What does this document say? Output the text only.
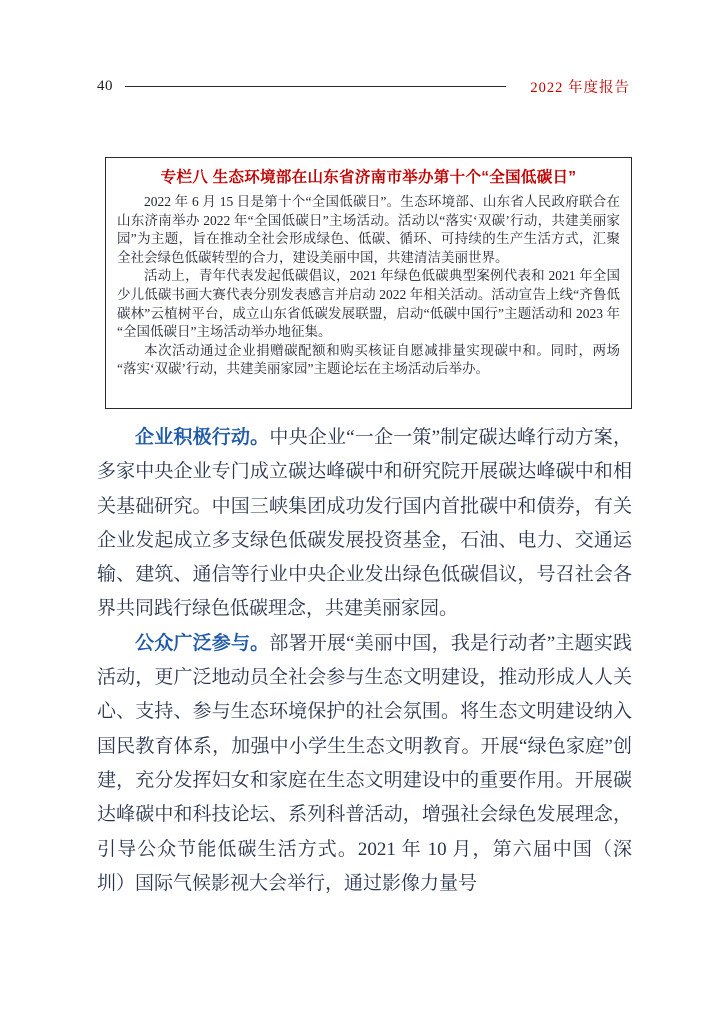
40	2022 年度报告
专栏八 生态环境部在山东省济南市举办第十个“全国低碳日”

2022 年 6 月 15 日是第十个“全国低碳日”。生态环境部、山东省人民政府联合在山东济南举办 2022 年“全国低碳日”主场活动。活动以“落实‘双碳’行动，共建美丽家园”为主题，旨在推动全社会形成绿色、低碳、循环、可持续的生产生活方式，汇聚全社会绿色低碳转型的合力，建设美丽中国，共建清洁美丽世界。

活动上，青年代表发起低碳倡议，2021 年绿色低碳典型案例代表和 2021 年全国少儿低碳书画大赛代表分别发表感言并启动 2022 年相关活动。活动宣告上线“齐鲁低碳林”云植树平台，成立山东省低碳发展联盟，启动“低碳中国行”主题活动和 2023 年“全国低碳日”主场活动举办地征集。

本次活动通过企业捐赠碳配额和购买核证自愿减排量实现碳中和。同时，两场“落实‘双碳’行动，共建美丽家园”主题论坛在主场活动后举办。

企业积极行动。中央企业“一企一策”制定碳达峰行动方案，多家中央企业专门成立碳达峰碳中和研究院开展碳达峰碳中和相关基础研究。中国三峡集团成功发行国内首批碳中和债券，有关企业发起成立多支绿色低碳发展投资基金，石油、电力、交通运输、建筑、通信等行业中央企业发出绿色低碳倡议，号召社会各界共同践行绿色低碳理念，共建美丽家园。

公众广泛参与。部署开展“美丽中国，我是行动者”主题实践活动，更广泛地动员全社会参与生态文明建设，推动形成人人关心、支持、参与生态环境保护的社会氛围。将生态文明建设纳入国民教育体系，加强中小学生生态文明教育。开展“绿色家庭”创建，充分发挥妇女和家庭在生态文明建设中的重要作用。开展碳达峰碳中和科技论坛、系列科普活动，增强社会绿色发展理念，引导公众节能低碳生活方式。2021 年 10 月，第六届中国（深圳）国际气候影视大会举行，通过影像力量号
